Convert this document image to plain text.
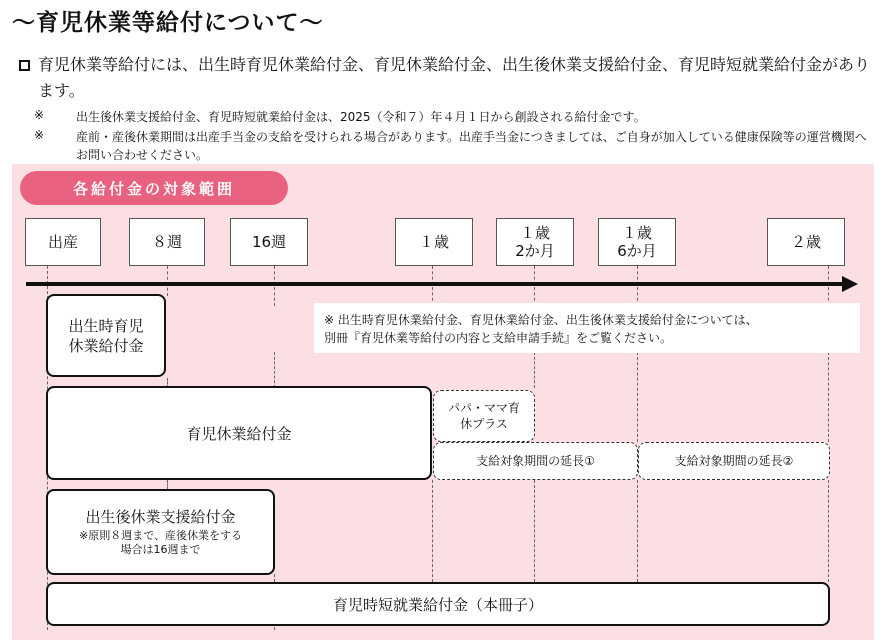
～育児休業等給付について～
育児休業等給付には、出生時育児休業給付金、育児休業給付金、出生後休業支援給付金、育児時短就業給付金があります。
※	出生後休業支援給付金、育児時短就業給付金は、2025（令和７）年４月１日から創設される給付金です。
※	産前・産後休業期間は出産手当金の支給を受けられる場合があります。出産手当金につきましては、ご自身が加入している健康保険等の運営機関へお問い合わせください。
各給付金の対象範囲
出産	８週	16週	１歳	１歳
2か月
１歳
6か月	２歳
※ 出生時育児休業給付金、育児休業給付金、出生後休業支援給付金については、
別冊『育児休業等給付の内容と支給申請手続』をご覧ください。
出生時育児
休業給付金
育児休業給付金
パパ・ママ育
休プラス
支給対象期間の延長①	支給対象期間の延長②
出生後休業支援給付金
※原則８週まで、産後休業をする
場合は16週まで
育児時短就業給付金（本冊子）
